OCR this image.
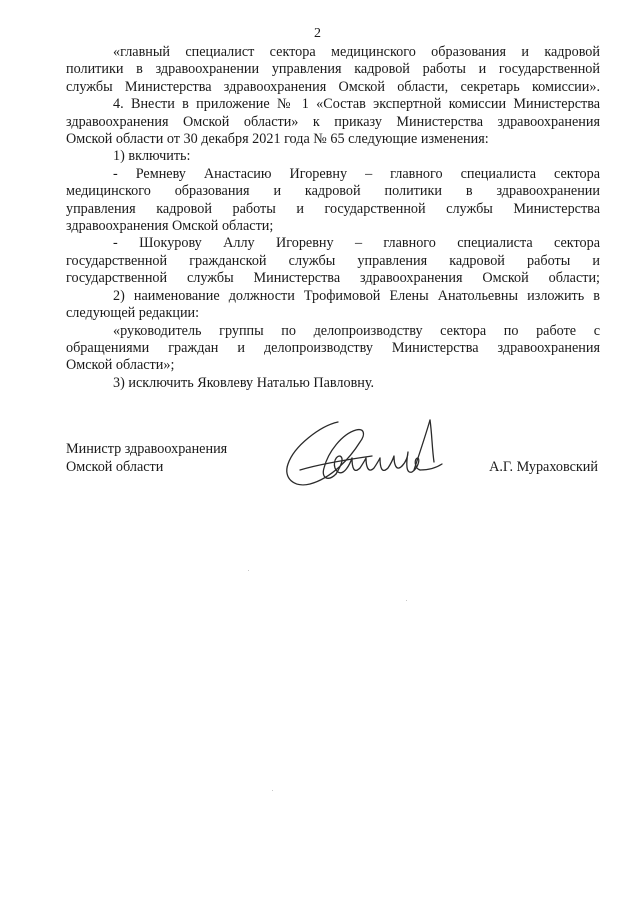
2

«главный специалист сектора медицинского образования и кадровой

политики в здравоохранении управления кадровой работы и государственной

службы Министерства здравоохранения Омской области, секретарь комиссии».

4. Внести в приложение № 1 «Состав экспертной комиссии Министерства

здравоохранения Омской области» к приказу Министерства здравоохранения

Омской области от 30 декабря 2021 года № 65 следующие изменения:

1) включить:

- Ремневу Анастасию Игоревну – главного специалиста сектора

медицинского образования и кадровой политики в здравоохранении

управления кадровой работы и государственной службы Министерства

здравоохранения Омской области;

- Шокурову Аллу Игоревну – главного специалиста сектора

государственной гражданской службы управления кадровой работы и

государственной службы Министерства здравоохранения Омской области;

2) наименование должности Трофимовой Елены Анатольевны изложить в

следующей редакции:

«руководитель группы по делопроизводству сектора по работе с

обращениями граждан и делопроизводству Министерства здравоохранения

Омской области»;

3) исключить Яковлеву Наталью Павловну.

Министр здравоохранения
Омской области	А.Г. Мураховский
